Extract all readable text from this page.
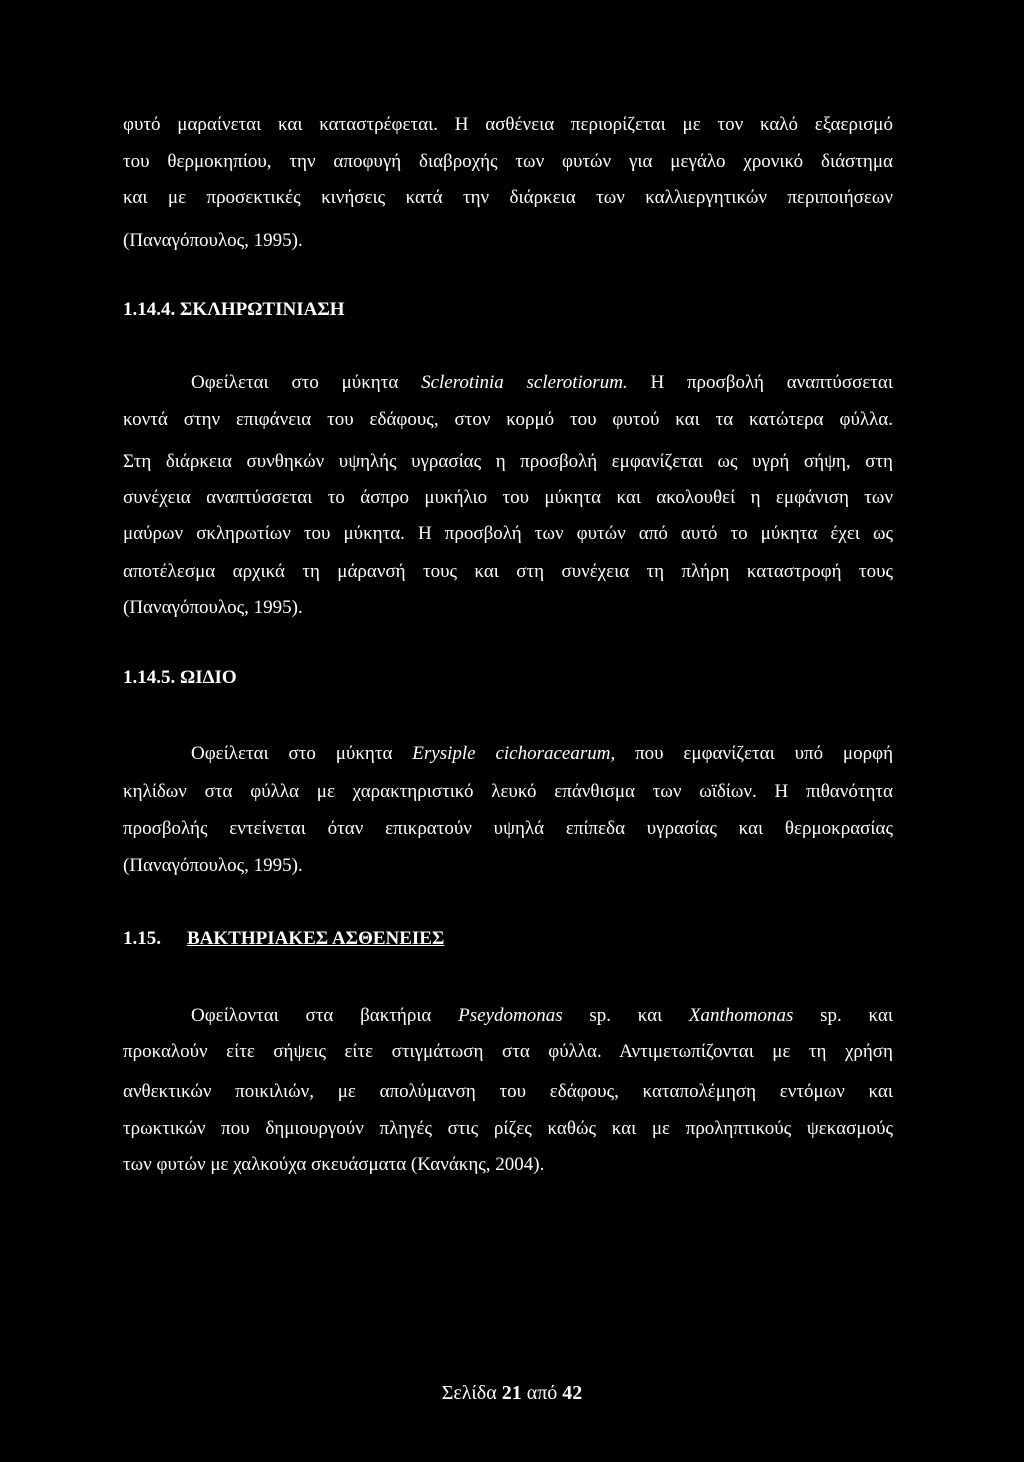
φυτό μαραίνεται και καταστρέφεται. Η ασθένεια περιορίζεται με τον καλό εξαερισμό
του θερμοκηπίου, την αποφυγή διαβροχής των φυτών για μεγάλο χρονικό διάστημα
και με προσεκτικές κινήσεις κατά την διάρκεια των καλλιεργητικών περιποιήσεων
(Παναγόπουλος, 1995).
1.14.4. ΣΚΛΗΡΩΤΙΝΙΑΣΗ
Οφείλεται στο μύκητα Sclerotinia sclerotiorum. Η προσβολή αναπτύσσεται
κοντά στην επιφάνεια του εδάφους, στον κορμό του φυτού και τα κατώτερα φύλλα.
Στη διάρκεια συνθηκών υψηλής υγρασίας η προσβολή εμφανίζεται ως υγρή σήψη, στη
συνέχεια αναπτύσσεται το άσπρο μυκήλιο του μύκητα και ακολουθεί η εμφάνιση των
μαύρων σκληρωτίων του μύκητα. Η προσβολή των φυτών από αυτό το μύκητα έχει ως
αποτέλεσμα αρχικά τη μάρανσή τους και στη συνέχεια τη πλήρη καταστροφή τους
(Παναγόπουλος, 1995).
1.14.5. ΩΙΔΙΟ
Οφείλεται στο μύκητα Erysiple cichoracearum, που εμφανίζεται υπό μορφή
κηλίδων στα φύλλα με χαρακτηριστικό λευκό επάνθισμα των ωϊδίων. Η πιθανότητα
προσβολής εντείνεται όταν επικρατούν υψηλά επίπεδα υγρασίας και θερμοκρασίας
(Παναγόπουλος, 1995).
1.15. ΒΑΚΤΗΡΙΑΚΕΣ ΑΣΘΕΝΕΙΕΣ
Οφείλονται στα βακτήρια Pseydomonas sp. και Xanthomonas sp. και
προκαλούν είτε σήψεις είτε στιγμάτωση στα φύλλα. Αντιμετωπίζονται με τη χρήση
ανθεκτικών ποικιλιών, με απολύμανση του εδάφους, καταπολέμηση εντόμων και
τρωκτικών που δημιουργούν πληγές στις ρίζες καθώς και με προληπτικούς ψεκασμούς
των φυτών με χαλκούχα σκευάσματα (Κανάκης, 2004).
Σελίδα 21 από 42
